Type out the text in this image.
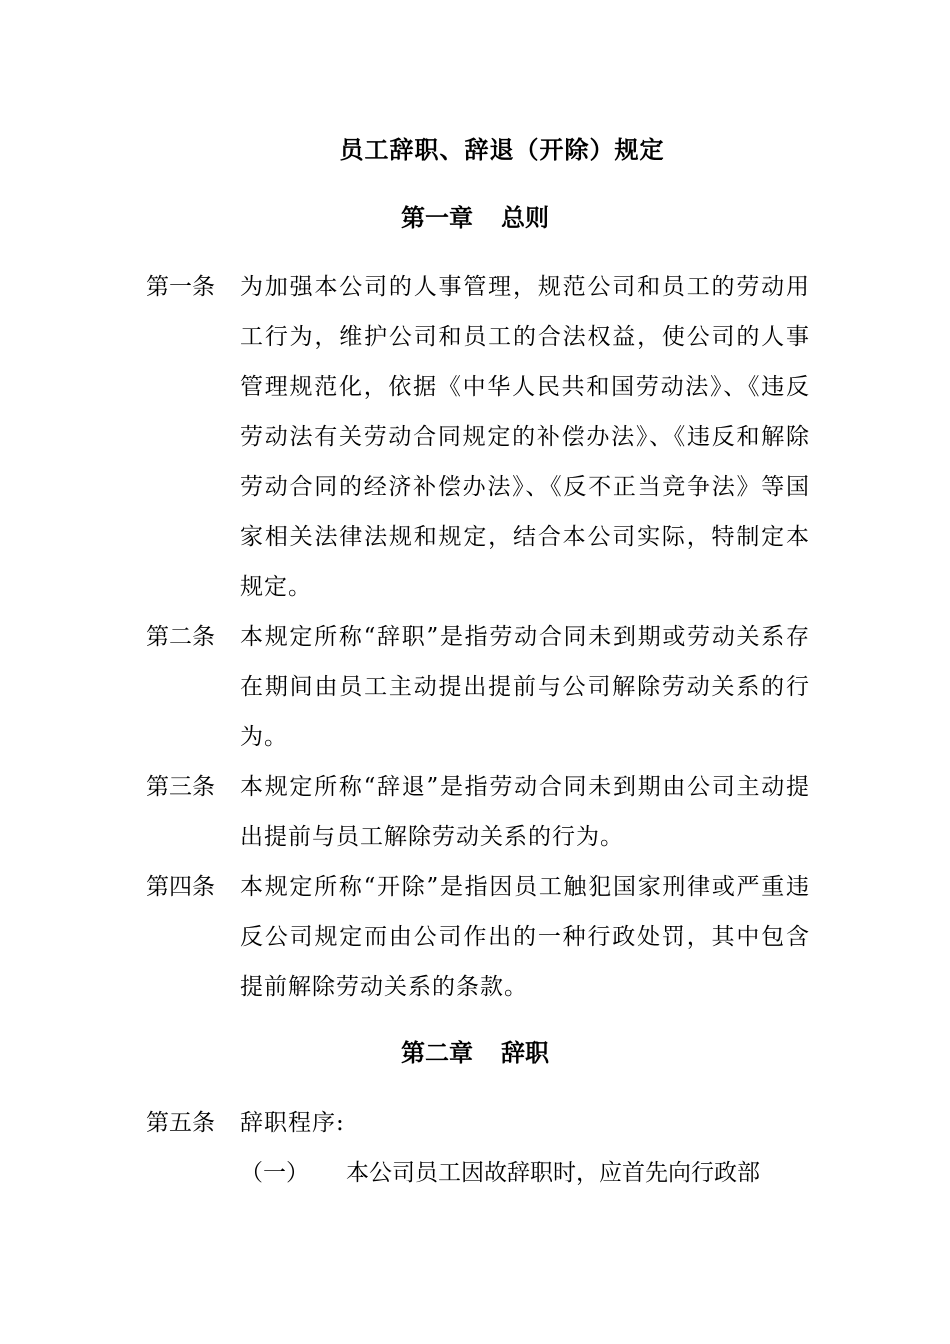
员工辞职、辞退（开除）规定
第一章 总则
第一条 为加强本公司的人事管理，规范公司和员工的劳动用工行为，维护公司和员工的合法权益，使公司的人事管理规范化，依据《中华人民共和国劳动法》、《违反劳动法有关劳动合同规定的补偿办法》、《违反和解除劳动合同的经济补偿办法》、《反不正当竞争法》等国家相关法律法规和规定，结合本公司实际，特制定本规定。

第二条 本规定所称“辞职”是指劳动合同未到期或劳动关系存在期间由员工主动提出提前与公司解除劳动关系的行为。

第三条 本规定所称“辞退”是指劳动合同未到期由公司主动提出提前与员工解除劳动关系的行为。

第四条 本规定所称“开除”是指因员工触犯国家刑律或严重违反公司规定而由公司作出的一种行政处罚，其中包含提前解除劳动关系的条款。

第二章 辞职
第五条 辞职程序:

（一） 本公司员工因故辞职时，应首先向行政部
